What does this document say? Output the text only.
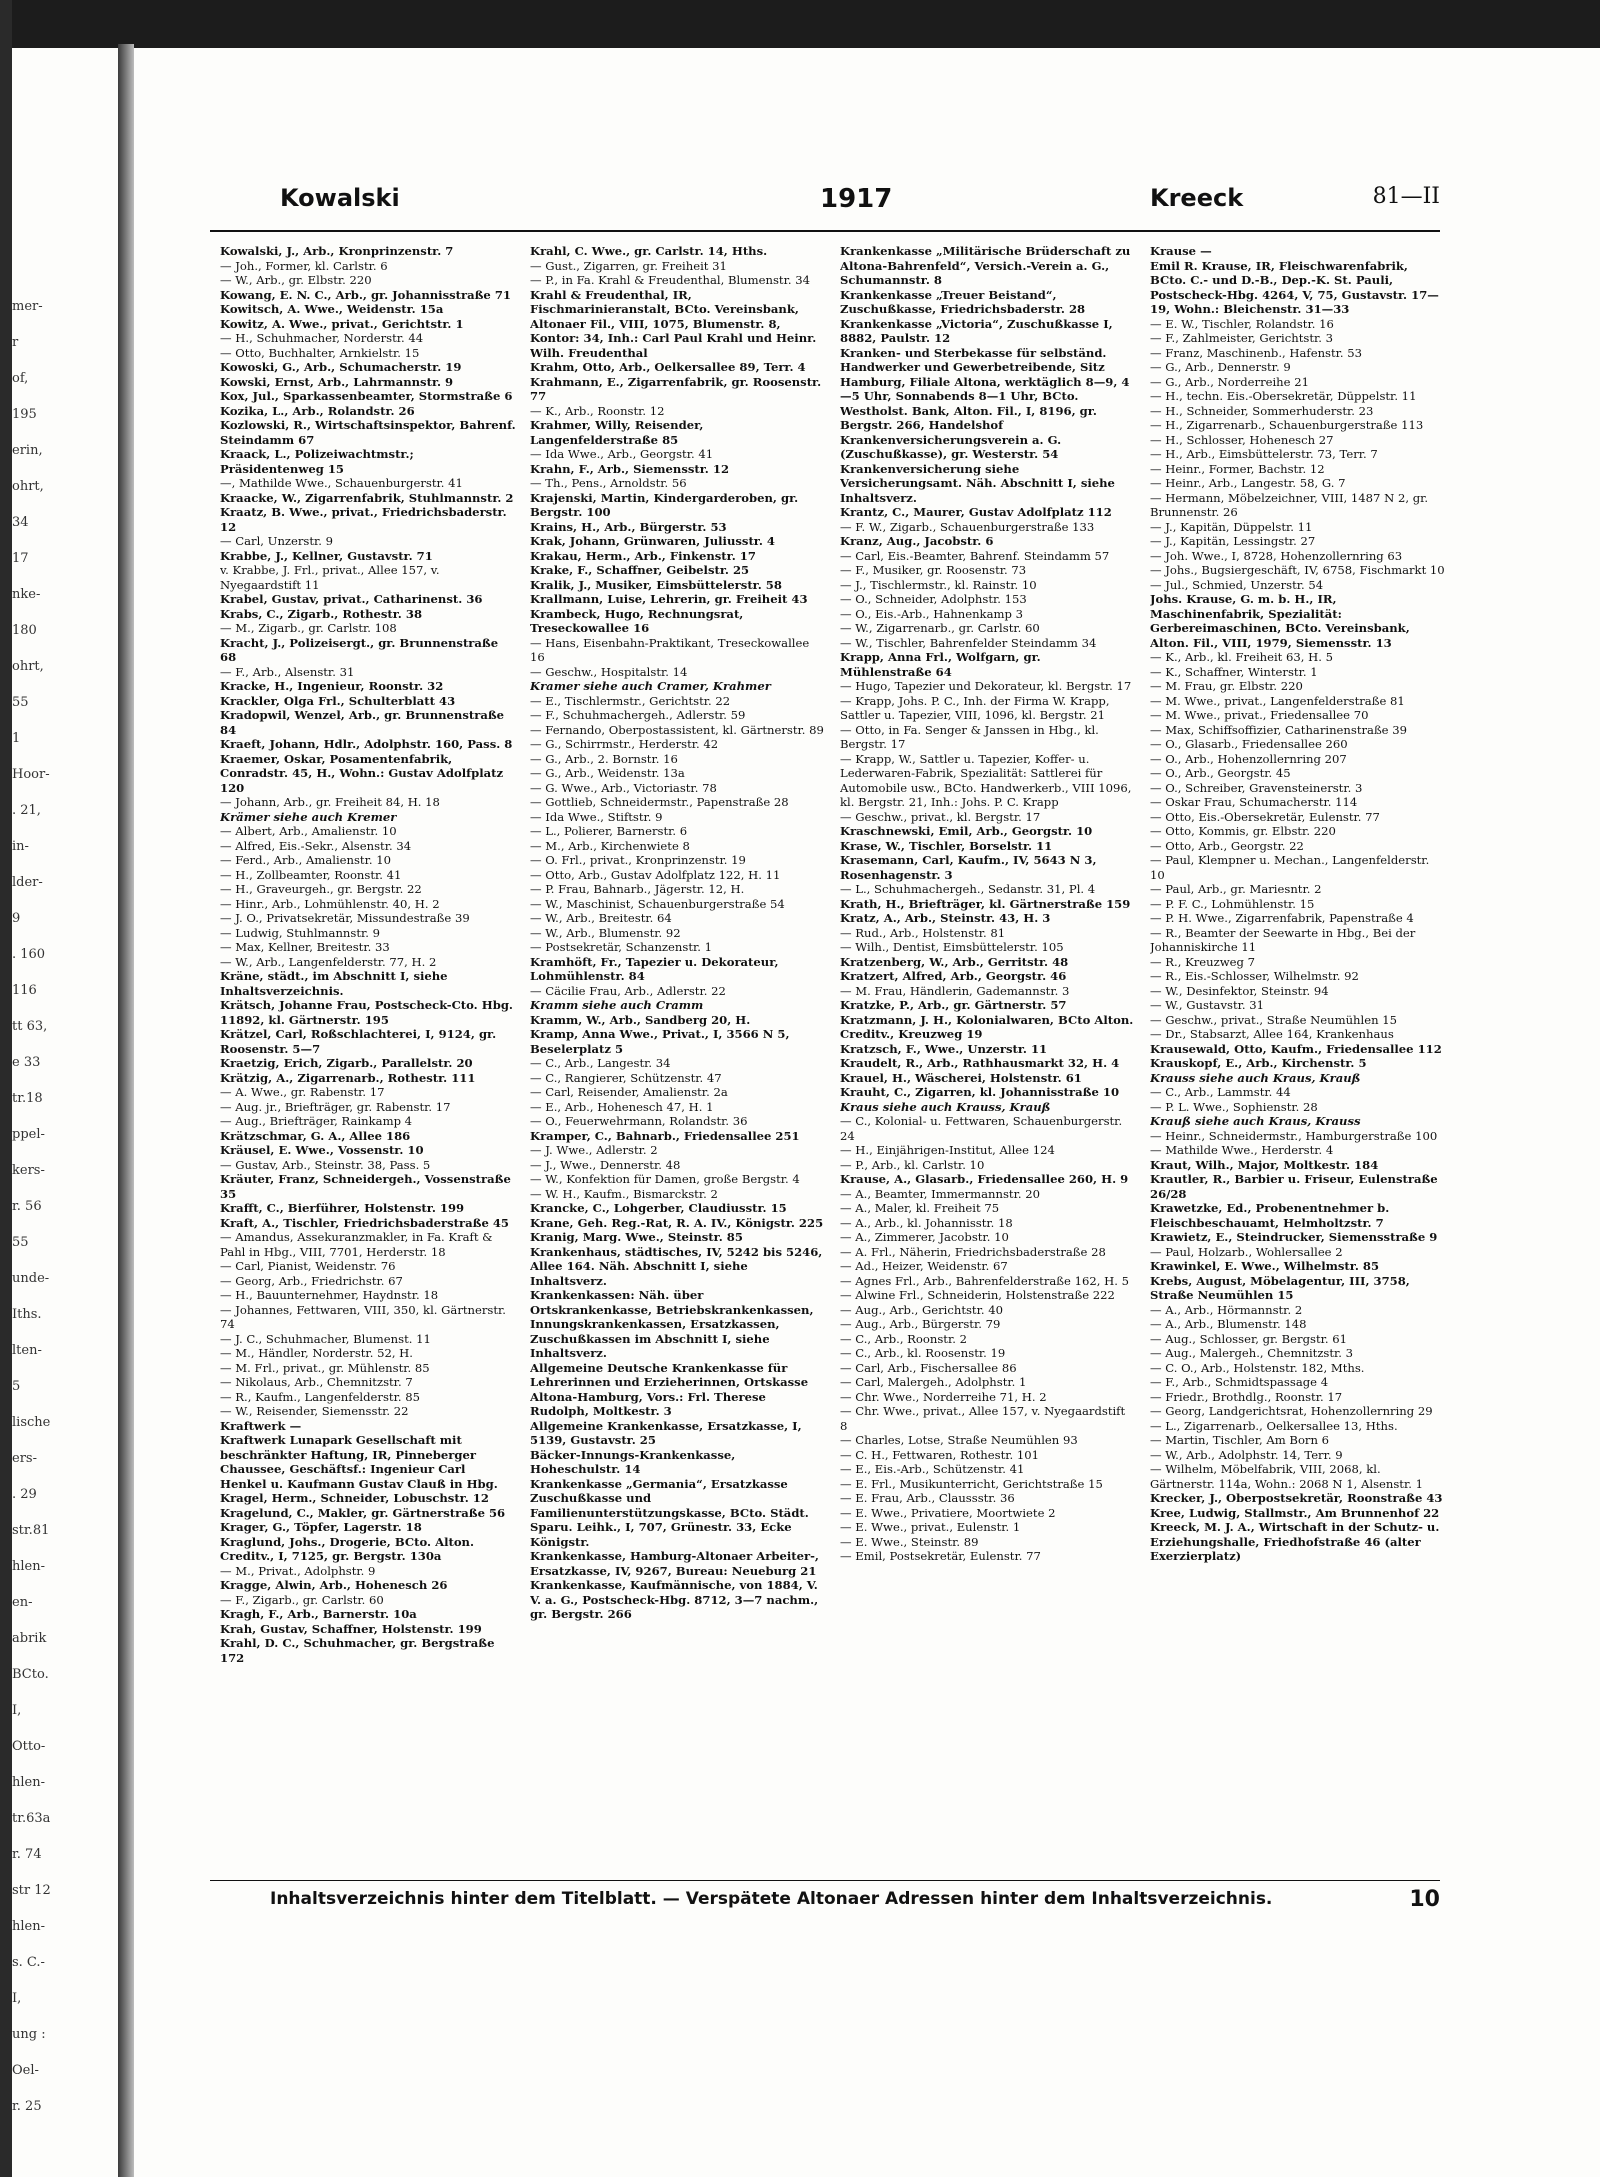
mer-
r
of,
195
erin,
ohrt,
34
17
nke-
180
ohrt,
55
1
Hoor-
. 21,
in-
lder-
9
. 160
116
tt 63,
e 33
tr.18
ppel-
kers-
r. 56
55
unde-
Iths.
lten-
5
lische
ers-
. 29
str.81
hlen-
en-
abrik
BCto.
I,
Otto-
hlen-
tr.63a
r. 74
str 12
hlen-
s. C.-
I,
ung :
Oel-
r. 25
Kowalski	1917	Kreeck	81—II

Kowalski, J., Arb., Kronprinzenstr. 7

— Joh., Former, kl. Carlstr. 6

— W., Arb., gr. Elbstr. 220

Kowang, E. N. C., Arb., gr. Johannisstraße 71

Kowitsch, A. Wwe., Weidenstr. 15a

Kowitz, A. Wwe., privat., Gerichtstr. 1

— H., Schuhmacher, Norderstr. 44

— Otto, Buchhalter, Arnkielstr. 15

Kowoski, G., Arb., Schumacherstr. 19

Kowski, Ernst, Arb., Lahrmannstr. 9

Kox, Jul., Sparkassenbeamter, Stormstraße 6

Kozika, L., Arb., Rolandstr. 26

Kozlowski, R., Wirtschaftsinspektor, Bahrenf. Steindamm 67

Kraack, L., Polizeiwachtmstr.; Präsidentenweg 15

—, Mathilde Wwe., Schauenburgerstr. 41

Kraacke, W., Zigarrenfabrik, Stuhlmannstr. 2

Kraatz, B. Wwe., privat., Friedrichsbaderstr. 12

— Carl, Unzerstr. 9

Krabbe, J., Kellner, Gustavstr. 71

v. Krabbe, J. Frl., privat., Allee 157, v. Nyegaardstift 11

Krabel, Gustav, privat., Catharinenst. 36

Krabs, C., Zigarb., Rothestr. 38

— M., Zigarb., gr. Carlstr. 108

Kracht, J., Polizeisergt., gr. Brunnenstraße 68

— F., Arb., Alsenstr. 31

Kracke, H., Ingenieur, Roonstr. 32

Krackler, Olga Frl., Schulterblatt 43

Kradopwil, Wenzel, Arb., gr. Brunnenstraße 84

Kraeft, Johann, Hdlr., Adolphstr. 160, Pass. 8

Kraemer, Oskar, Posamentenfabrik, Conradstr. 45, H., Wohn.: Gustav Adolfplatz 120

— Johann, Arb., gr. Freiheit 84, H. 18

Krämer siehe auch Kremer

— Albert, Arb., Amalienstr. 10

— Alfred, Eis.-Sekr., Alsenstr. 34

— Ferd., Arb., Amalienstr. 10

— H., Zollbeamter, Roonstr. 41

— H., Graveurgeh., gr. Bergstr. 22

— Hinr., Arb., Lohmühlenstr. 40, H. 2

— J. O., Privatsekretär, Missundestraße 39

— Ludwig, Stuhlmannstr. 9

— Max, Kellner, Breitestr. 33

— W., Arb., Langenfelderstr. 77, H. 2

Kräne, städt., im Abschnitt I, siehe Inhaltsverzeichnis.

Krätsch, Johanne Frau, Postscheck-Cto. Hbg. 11892, kl. Gärtnerstr. 195

Krätzel, Carl, Roßschlachterei, I, 9124, gr. Roosenstr. 5—7

Kraetzig, Erich, Zigarb., Parallelstr. 20

Krätzig, A., Zigarrenarb., Rothestr. 111

— A. Wwe., gr. Rabenstr. 17

— Aug. jr., Briefträger, gr. Rabenstr. 17

— Aug., Briefträger, Rainkamp 4

Krätzschmar, G. A., Allee 186

Kräusel, E. Wwe., Vossenstr. 10

— Gustav, Arb., Steinstr. 38, Pass. 5

Kräuter, Franz, Schneidergeh., Vossenstraße 35

Krafft, C., Bierführer, Holstenstr. 199

Kraft, A., Tischler, Friedrichsbaderstraße 45

— Amandus, Assekuranzmakler, in Fa. Kraft & Pahl in Hbg., VIII, 7701, Herderstr. 18

— Carl, Pianist, Weidenstr. 76

— Georg, Arb., Friedrichstr. 67

— H., Bauunternehmer, Haydnstr. 18

— Johannes, Fettwaren, VIII, 350, kl. Gärtnerstr. 74

— J. C., Schuhmacher, Blumenst. 11

— M., Händler, Norderstr. 52, H.

— M. Frl., privat., gr. Mühlenstr. 85

— Nikolaus, Arb., Chemnitzstr. 7

— R., Kaufm., Langenfelderstr. 85

— W., Reisender, Siemensstr. 22

Kraftwerk —

Kraftwerk Lunapark Gesellschaft mit beschränkter Haftung, IR, Pinneberger Chaussee, Geschäftsf.: Ingenieur Carl Henkel u. Kaufmann Gustav Clauß in Hbg.

Kragel, Herm., Schneider, Lobuschstr. 12

Kragelund, C., Makler, gr. Gärtnerstraße 56

Krager, G., Töpfer, Lagerstr. 18

Kraglund, Johs., Drogerie, BCto. Alton. Creditv., I, 7125, gr. Bergstr. 130a

— M., Privat., Adolphstr. 9

Kragge, Alwin, Arb., Hohenesch 26

— F., Zigarb., gr. Carlstr. 60

Kragh, F., Arb., Barnerstr. 10a

Krah, Gustav, Schaffner, Holstenstr. 199

Krahl, D. C., Schuhmacher, gr. Bergstraße 172

Krahl, C. Wwe., gr. Carlstr. 14, Hths.

— Gust., Zigarren, gr. Freiheit 31

— P., in Fa. Krahl & Freudenthal, Blumenstr. 34

Krahl & Freudenthal, IR, Fischmarinieranstalt, BCto. Vereinsbank, Altonaer Fil., VIII, 1075, Blumenstr. 8, Kontor: 34, Inh.: Carl Paul Krahl und Heinr. Wilh. Freudenthal

Krahm, Otto, Arb., Oelkersallee 89, Terr. 4

Krahmann, E., Zigarrenfabrik, gr. Roosenstr. 77

— K., Arb., Roonstr. 12

Krahmer, Willy, Reisender, Langenfelderstraße 85

— Ida Wwe., Arb., Georgstr. 41

Krahn, F., Arb., Siemensstr. 12

— Th., Pens., Arnoldstr. 56

Krajenski, Martin, Kindergarderoben, gr. Bergstr. 100

Krains, H., Arb., Bürgerstr. 53

Krak, Johann, Grünwaren, Juliusstr. 4

Krakau, Herm., Arb., Finkenstr. 17

Krake, F., Schaffner, Geibelstr. 25

Kralik, J., Musiker, Eimsbüttelerstr. 58

Krallmann, Luise, Lehrerin, gr. Freiheit 43

Krambeck, Hugo, Rechnungsrat, Treseckowallee 16

— Hans, Eisenbahn-Praktikant, Treseckowallee 16

— Geschw., Hospitalstr. 14

Kramer siehe auch Cramer, Krahmer

— E., Tischlermstr., Gerichtstr. 22

— F., Schuhmachergeh., Adlerstr. 59

— Fernando, Oberpostassistent, kl. Gärtnerstr. 89

— G., Schirrmstr., Herderstr. 42

— G., Arb., 2. Bornstr. 16

— G., Arb., Weidenstr. 13a

— G. Wwe., Arb., Victoriastr. 78

— Gottlieb, Schneidermstr., Papenstraße 28

— Ida Wwe., Stiftstr. 9

— L., Polierer, Barnerstr. 6

— M., Arb., Kirchenwiete 8

— O. Frl., privat., Kronprinzenstr. 19

— Otto, Arb., Gustav Adolfplatz 122, H. 11

— P. Frau, Bahnarb., Jägerstr. 12, H.

— W., Maschinist, Schauenburgerstraße 54

— W., Arb., Breitestr. 64

— W., Arb., Blumenstr. 92

— Postsekretär, Schanzenstr. 1

Kramhöft, Fr., Tapezier u. Dekorateur, Lohmühlenstr. 84

— Cäcilie Frau, Arb., Adlerstr. 22

Kramm siehe auch Cramm

Kramm, W., Arb., Sandberg 20, H.

Kramp, Anna Wwe., Privat., I, 3566 N 5, Beselerplatz 5

— C., Arb., Langestr. 34

— C., Rangierer, Schützenstr. 47

— Carl, Reisender, Amalienstr. 2a

— E., Arb., Hohenesch 47, H. 1

— O., Feuerwehrmann, Rolandstr. 36

Kramper, C., Bahnarb., Friedensallee 251

— J. Wwe., Adlerstr. 2

— J., Wwe., Dennerstr. 48

— W., Konfektion für Damen, große Bergstr. 4

— W. H., Kaufm., Bismarckstr. 2

Krancke, C., Lohgerber, Claudiusstr. 15

Krane, Geh. Reg.-Rat, R. A. IV., Königstr. 225

Kranig, Marg. Wwe., Steinstr. 85

Krankenhaus, städtisches, IV, 5242 bis 5246, Allee 164. Näh. Abschnitt I, siehe Inhaltsverz.

Krankenkassen: Näh. über Ortskrankenkasse, Betriebskrankenkassen, Innungskrankenkassen, Ersatzkassen, Zuschußkassen im Abschnitt I, siehe Inhaltsverz.

Allgemeine Deutsche Krankenkasse für Lehrerinnen und Erzieherinnen, Ortskasse Altona-Hamburg, Vors.: Frl. Therese Rudolph, Moltkestr. 3

Allgemeine Krankenkasse, Ersatzkasse, I, 5139, Gustavstr. 25

Bäcker-Innungs-Krankenkasse, Hoheschulstr. 14

Krankenkasse „Germania“, Ersatzkasse Zuschußkasse und Familienunterstützungskasse, BCto. Städt. Sparu. Leihk., I, 707, Grünestr. 33, Ecke Königstr.

Krankenkasse, Hamburg-Altonaer Arbeiter-, Ersatzkasse, IV, 9267, Bureau: Neueburg 21

Krankenkasse, Kaufmännische, von 1884, V. V. a. G., Postscheck-Hbg. 8712, 3—7 nachm., gr. Bergstr. 266

Krankenkasse „Militärische Brüderschaft zu Altona-Bahrenfeld“, Versich.-Verein a. G., Schumannstr. 8

Krankenkasse „Treuer Beistand“, Zuschußkasse, Friedrichsbaderstr. 28

Krankenkasse „Victoria“, Zuschußkasse I, 8882, Paulstr. 12

Kranken- und Sterbekasse für selbständ. Handwerker und Gewerbetreibende, Sitz Hamburg, Filiale Altona, werktäglich 8—9, 4—5 Uhr, Sonnabends 8—1 Uhr, BCto. Westholst. Bank, Alton. Fil., I, 8196, gr. Bergstr. 266, Handelshof

Krankenversicherungsverein a. G. (Zuschußkasse), gr. Westerstr. 54

Krankenversicherung siehe Versicherungsamt. Näh. Abschnitt I, siehe Inhaltsverz.

Krantz, C., Maurer, Gustav Adolfplatz 112

— F. W., Zigarb., Schauenburgerstraße 133

Kranz, Aug., Jacobstr. 6

— Carl, Eis.-Beamter, Bahrenf. Steindamm 57

— F., Musiker, gr. Roosenstr. 73

— J., Tischlermstr., kl. Rainstr. 10

— O., Schneider, Adolphstr. 153

— O., Eis.-Arb., Hahnenkamp 3

— W., Zigarrenarb., gr. Carlstr. 60

— W., Tischler, Bahrenfelder Steindamm 34

Krapp, Anna Frl., Wolfgarn, gr. Mühlenstraße 64

— Hugo, Tapezier und Dekorateur, kl. Bergstr. 17

— Krapp, Johs. P. C., Inh. der Firma W. Krapp, Sattler u. Tapezier, VIII, 1096, kl. Bergstr. 21

— Otto, in Fa. Senger & Janssen in Hbg., kl. Bergstr. 17

— Krapp, W., Sattler u. Tapezier, Koffer- u. Lederwaren-Fabrik, Spezialität: Sattlerei für Automobile usw., BCto. Handwerkerb., VIII 1096, kl. Bergstr. 21, Inh.: Johs. P. C. Krapp

— Geschw., privat., kl. Bergstr. 17

Kraschnewski, Emil, Arb., Georgstr. 10

Krase, W., Tischler, Borselstr. 11

Krasemann, Carl, Kaufm., IV, 5643 N 3, Rosenhagenstr. 3

— L., Schuhmachergeh., Sedanstr. 31, Pl. 4

Krath, H., Briefträger, kl. Gärtnerstraße 159

Kratz, A., Arb., Steinstr. 43, H. 3

— Rud., Arb., Holstenstr. 81

— Wilh., Dentist, Eimsbüttelerstr. 105

Kratzenberg, W., Arb., Gerritstr. 48

Kratzert, Alfred, Arb., Georgstr. 46

— M. Frau, Händlerin, Gademannstr. 3

Kratzke, P., Arb., gr. Gärtnerstr. 57

Kratzmann, J. H., Kolonialwaren, BCto Alton. Creditv., Kreuzweg 19

Kratzsch, F., Wwe., Unzerstr. 11

Kraudelt, R., Arb., Rathhausmarkt 32, H. 4

Krauel, H., Wäscherei, Holstenstr. 61

Krauht, C., Zigarren, kl. Johannisstraße 10

Kraus siehe auch Krauss, Krauß

— C., Kolonial- u. Fettwaren, Schauenburgerstr. 24

— H., Einjährigen-Institut, Allee 124

— P., Arb., kl. Carlstr. 10

Krause, A., Glasarb., Friedensallee 260, H. 9

— A., Beamter, Immermannstr. 20

— A., Maler, kl. Freiheit 75

— A., Arb., kl. Johannisstr. 18

— A., Zimmerer, Jacobstr. 10

— A. Frl., Näherin, Friedrichsbaderstraße 28

— Ad., Heizer, Weidenstr. 67

— Agnes Frl., Arb., Bahrenfelderstraße 162, H. 5

— Alwine Frl., Schneiderin, Holstenstraße 222

— Aug., Arb., Gerichtstr. 40

— Aug., Arb., Bürgerstr. 79

— C., Arb., Roonstr. 2

— C., Arb., kl. Roosenstr. 19

— Carl, Arb., Fischersallee 86

— Carl, Malergeh., Adolphstr. 1

— Chr. Wwe., Norderreihe 71, H. 2

— Chr. Wwe., privat., Allee 157, v. Nyegaardstift 8

— Charles, Lotse, Straße Neumühlen 93

— C. H., Fettwaren, Rothestr. 101

— E., Eis.-Arb., Schützenstr. 41

— E. Frl., Musikunterricht, Gerichtstraße 15

— E. Frau, Arb., Claussstr. 36

— E. Wwe., Privatiere, Moortwiete 2

— E. Wwe., privat., Eulenstr. 1

— E. Wwe., Steinstr. 89

— Emil, Postsekretär, Eulenstr. 77

Krause —

Emil R. Krause, IR, Fleischwarenfabrik, BCto. C.- und D.-B., Dep.-K. St. Pauli, Postscheck-Hbg. 4264, V, 75, Gustavstr. 17—19, Wohn.: Bleichenstr. 31—33

— E. W., Tischler, Rolandstr. 16

— F., Zahlmeister, Gerichtstr. 3

— Franz, Maschinenb., Hafenstr. 53

— G., Arb., Dennerstr. 9

— G., Arb., Norderreihe 21

— H., techn. Eis.-Obersekretär, Düppelstr. 11

— H., Schneider, Sommerhuderstr. 23

— H., Zigarrenarb., Schauenburgerstraße 113

— H., Schlosser, Hohenesch 27

— H., Arb., Eimsbüttelerstr. 73, Terr. 7

— Heinr., Former, Bachstr. 12

— Heinr., Arb., Langestr. 58, G. 7

— Hermann, Möbelzeichner, VIII, 1487 N 2, gr. Brunnenstr. 26

— J., Kapitän, Düppelstr. 11

— J., Kapitän, Lessingstr. 27

— Joh. Wwe., I, 8728, Hohenzollernring 63

— Johs., Bugsiergeschäft, IV, 6758, Fischmarkt 10

— Jul., Schmied, Unzerstr. 54

Johs. Krause, G. m. b. H., IR, Maschinenfabrik, Spezialität: Gerbereimaschinen, BCto. Vereinsbank, Alton. Fil., VIII, 1979, Siemensstr. 13

— K., Arb., kl. Freiheit 63, H. 5

— K., Schaffner, Winterstr. 1

— M. Frau, gr. Elbstr. 220

— M. Wwe., privat., Langenfelderstraße 81

— M. Wwe., privat., Friedensallee 70

— Max, Schiffsoffizier, Catharinenstraße 39

— O., Glasarb., Friedensallee 260

— O., Arb., Hohenzollernring 207

— O., Arb., Georgstr. 45

— O., Schreiber, Gravensteinerstr. 3

— Oskar Frau, Schumacherstr. 114

— Otto, Eis.-Obersekretär, Eulenstr. 77

— Otto, Kommis, gr. Elbstr. 220

— Otto, Arb., Georgstr. 22

— Paul, Klempner u. Mechan., Langenfelderstr. 10

— Paul, Arb., gr. Mariesntr. 2

— P. F. C., Lohmühlenstr. 15

— P. H. Wwe., Zigarrenfabrik, Papenstraße 4

— R., Beamter der Seewarte in Hbg., Bei der Johanniskirche 11

— R., Kreuzweg 7

— R., Eis.-Schlosser, Wilhelmstr. 92

— W., Desinfektor, Steinstr. 94

— W., Gustavstr. 31

— Geschw., privat., Straße Neumühlen 15

— Dr., Stabsarzt, Allee 164, Krankenhaus

Krausewald, Otto, Kaufm., Friedensallee 112

Krauskopf, E., Arb., Kirchenstr. 5

Krauss siehe auch Kraus, Krauß

— C., Arb., Lammstr. 44

— P. L. Wwe., Sophienstr. 28

Krauß siehe auch Kraus, Krauss

— Heinr., Schneidermstr., Hamburgerstraße 100

— Mathilde Wwe., Herderstr. 4

Kraut, Wilh., Major, Moltkestr. 184

Krautler, R., Barbier u. Friseur, Eulenstraße 26/28

Krawetzke, Ed., Probenentnehmer b. Fleischbeschauamt, Helmholtzstr. 7

Krawietz, E., Steindrucker, Siemensstraße 9

— Paul, Holzarb., Wohlersallee 2

Krawinkel, E. Wwe., Wilhelmstr. 85

Krebs, August, Möbelagentur, III, 3758, Straße Neumühlen 15

— A., Arb., Hörmannstr. 2

— A., Arb., Blumenstr. 148

— Aug., Schlosser, gr. Bergstr. 61

— Aug., Malergeh., Chemnitzstr. 3

— C. O., Arb., Holstenstr. 182, Mths.

— F., Arb., Schmidtspassage 4

— Friedr., Brothdlg., Roonstr. 17

— Georg, Landgerichtsrat, Hohenzollernring 29

— L., Zigarrenarb., Oelkersallee 13, Hths.

— Martin, Tischler, Am Born 6

— W., Arb., Adolphstr. 14, Terr. 9

— Wilhelm, Möbelfabrik, VIII, 2068, kl. Gärtnerstr. 114a, Wohn.: 2068 N 1, Alsenstr. 1

Krecker, J., Oberpostsekretär, Roonstraße 43

Kree, Ludwig, Stallmstr., Am Brunnenhof 22

Kreeck, M. J. A., Wirtschaft in der Schutz- u. Erziehungshalle, Friedhofstraße 46 (alter Exerzierplatz)

Inhaltsverzeichnis hinter dem Titelblatt. — Verspätete Altonaer Adressen hinter dem Inhaltsverzeichnis.	10
